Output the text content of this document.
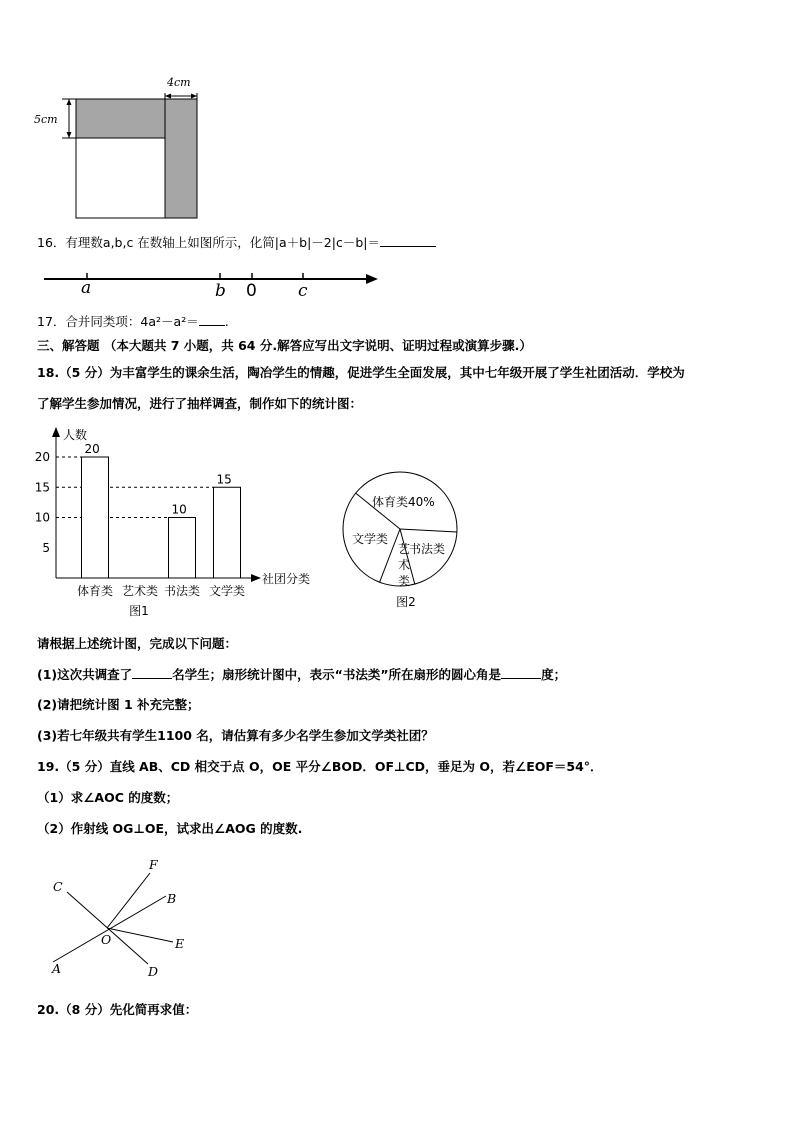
4cm
5cm
16．有理数a,b,c 在数轴上如图所示，化简|a＋b|－2|c－b|＝
a	b 0 c
17．合并同类项：4a²－a²＝ .
三、解答题 （本大题共 7 小题，共 64 分.解答应写出文字说明、证明过程或演算步骤.）
18.（5 分）为丰富学生的课余生活，陶冶学生的情趣，促进学生全面发展，其中七年级开展了学生社团活动．学校为
了解学生参加情况，进行了抽样调查，制作如下的统计图：
人数
社团分类
5
10
15
20
20
体育类 艺术类
10
书法类
15
文学类
图1
体育类40%
文学类
书法类
艺
术
类
图2
请根据上述统计图，完成以下问题：
(1)这次共调查了	名学生；扇形统计图中，表示“书法类”所在扇形的圆心角是	度；
(2)请把统计图 1 补充完整；
(3)若七年级共有学生1100 名，请估算有多少名学生参加文学类社团？
19.（5 分）直线 AB、CD 相交于点 O，OE 平分∠BOD．OF⊥CD，垂足为 O，若∠EOF＝54°．
（1）求∠AOC 的度数；
（2）作射线 OG⊥OE，试求出∠AOG 的度数.
C
F
B
O	E
A	D
20.（8 分）先化简再求值：
